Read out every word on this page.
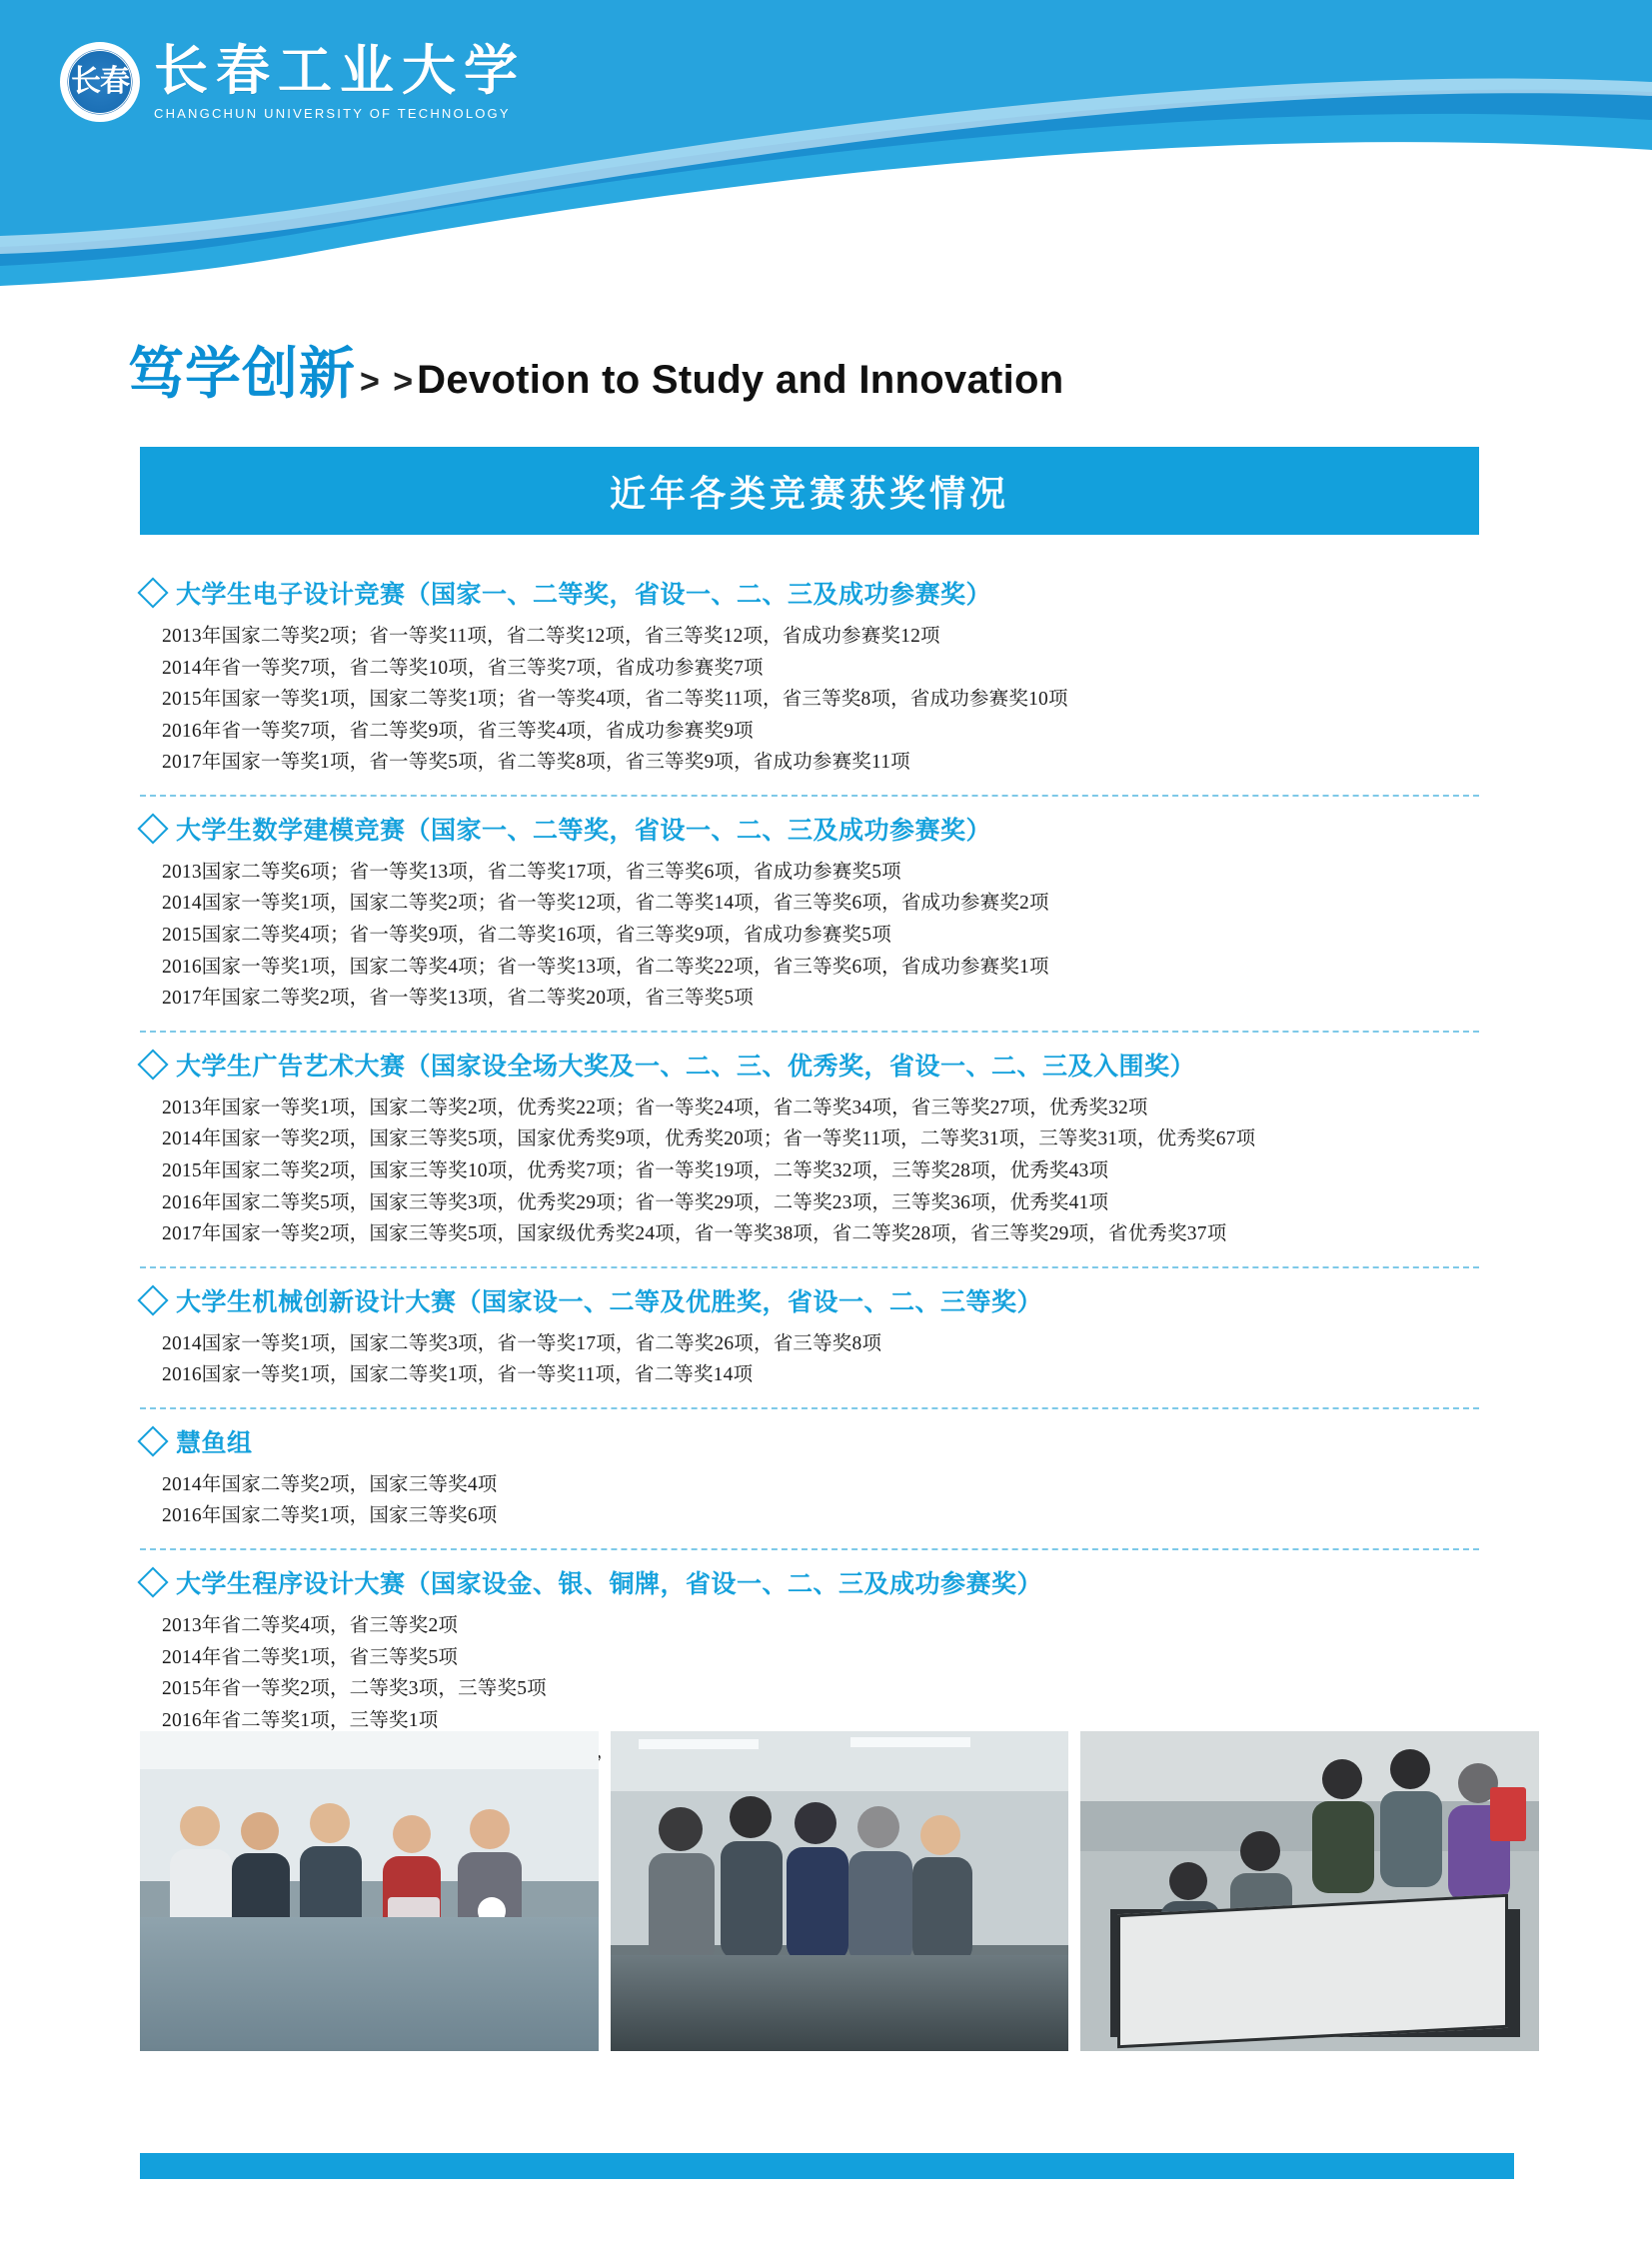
长春 长春工业大学
CHANGCHUN UNIVERSITY OF TECHNOLOGY
笃学创新 > > Devotion to Study and Innovation
近年各类竞赛获奖情况
大学生电子设计竞赛（国家一、二等奖，省设一、二、三及成功参赛奖）
2013年国家二等奖2项；省一等奖11项，省二等奖12项，省三等奖12项，省成功参赛奖12项
2014年省一等奖7项，省二等奖10项，省三等奖7项，省成功参赛奖7项
2015年国家一等奖1项，国家二等奖1项；省一等奖4项，省二等奖11项，省三等奖8项，省成功参赛奖10项
2016年省一等奖7项，省二等奖9项，省三等奖4项，省成功参赛奖9项
2017年国家一等奖1项，省一等奖5项，省二等奖8项，省三等奖9项，省成功参赛奖11项
大学生数学建模竞赛（国家一、二等奖，省设一、二、三及成功参赛奖）
2013国家二等奖6项；省一等奖13项，省二等奖17项，省三等奖6项，省成功参赛奖5项
2014国家一等奖1项，国家二等奖2项；省一等奖12项，省二等奖14项，省三等奖6项，省成功参赛奖2项
2015国家二等奖4项；省一等奖9项，省二等奖16项，省三等奖9项，省成功参赛奖5项
2016国家一等奖1项，国家二等奖4项；省一等奖13项，省二等奖22项，省三等奖6项，省成功参赛奖1项
2017年国家二等奖2项，省一等奖13项，省二等奖20项，省三等奖5项
大学生广告艺术大赛（国家设全场大奖及一、二、三、优秀奖，省设一、二、三及入围奖）
2013年国家一等奖1项，国家二等奖2项，优秀奖22项；省一等奖24项，省二等奖34项，省三等奖27项，优秀奖32项
2014年国家一等奖2项，国家三等奖5项，国家优秀奖9项，优秀奖20项；省一等奖11项，二等奖31项，三等奖31项，优秀奖67项
2015年国家二等奖2项，国家三等奖10项，优秀奖7项；省一等奖19项，二等奖32项，三等奖28项，优秀奖43项
2016年国家二等奖5项，国家三等奖3项，优秀奖29项；省一等奖29项，二等奖23项，三等奖36项，优秀奖41项
2017年国家一等奖2项，国家三等奖5项，国家级优秀奖24项，省一等奖38项，省二等奖28项，省三等奖29项，省优秀奖37项
大学生机械创新设计大赛（国家设一、二等及优胜奖，省设一、二、三等奖）
2014国家一等奖1项，国家二等奖3项，省一等奖17项，省二等奖26项，省三等奖8项
2016国家一等奖1项，国家二等奖1项，省一等奖11项，省二等奖14项
慧鱼组
2014年国家二等奖2项，国家三等奖4项
2016年国家二等奖1项，国家三等奖6项
大学生程序设计大赛（国家设金、银、铜牌，省设一、二、三及成功参赛奖）
2013年省二等奖4项，省三等奖2项
2014年省二等奖1项，省三等奖5项
2015年省一等奖2项，二等奖3项，三等奖5项
2016年省二等奖1项，三等奖1项
